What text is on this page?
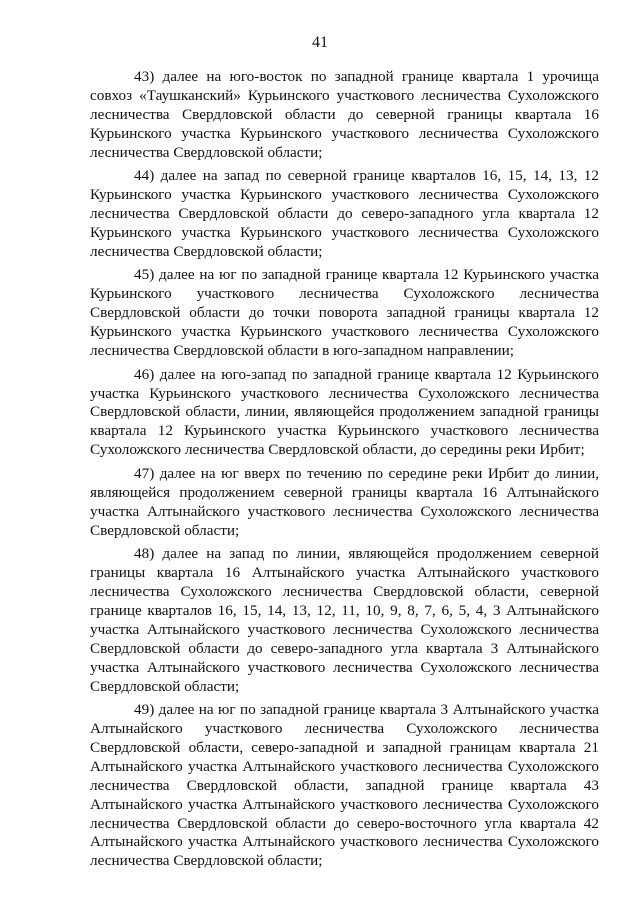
41

43) далее на юго-восток по западной границе квартала 1 урочища совхоз «Таушканский» Курьинского участкового лесничества Сухоложского лесничества Свердловской области до северной границы квартала 16 Курьинского участка Курьинского участкового лесничества Сухоложского лесничества Свердловской области;

44) далее на запад по северной границе кварталов 16, 15, 14, 13, 12 Курьинского участка Курьинского участкового лесничества Сухоложского лесничества Свердловской области до северо-западного угла квартала 12 Курьинского участка Курьинского участкового лесничества Сухоложского лесничества Свердловской области;

45) далее на юг по западной границе квартала 12 Курьинского участка Курьинского участкового лесничества Сухоложского лесничества Свердловской области до точки поворота западной границы квартала 12 Курьинского участка Курьинского участкового лесничества Сухоложского лесничества Свердловской области в юго-западном направлении;

46) далее на юго-запад по западной границе квартала 12 Курьинского участка Курьинского участкового лесничества Сухоложского лесничества Свердловской области, линии, являющейся продолжением западной границы квартала 12 Курьинского участка Курьинского участкового лесничества Сухоложского лесничества Свердловской области, до середины реки Ирбит;

47) далее на юг вверх по течению по середине реки Ирбит до линии, являющейся продолжением северной границы квартала 16 Алтынайского участка Алтынайского участкового лесничества Сухоложского лесничества Свердловской области;

48) далее на запад по линии, являющейся продолжением северной границы квартала 16 Алтынайского участка Алтынайского участкового лесничества Сухоложского лесничества Свердловской области, северной границе кварталов 16, 15, 14, 13, 12, 11, 10, 9, 8, 7, 6, 5, 4, 3 Алтынайского участка Алтынайского участкового лесничества Сухоложского лесничества Свердловской области до северо-западного угла квартала 3 Алтынайского участка Алтынайского участкового лесничества Сухоложского лесничества Свердловской области;

49) далее на юг по западной границе квартала 3 Алтынайского участка Алтынайского участкового лесничества Сухоложского лесничества Свердловской области, северо-западной и западной границам квартала 21 Алтынайского участка Алтынайского участкового лесничества Сухоложского лесничества Свердловской области, западной границе квартала 43 Алтынайского участка Алтынайского участкового лесничества Сухоложского лесничества Свердловской области до северо-восточного угла квартала 42 Алтынайского участка Алтынайского участкового лесничества Сухоложского лесничества Свердловской области;
